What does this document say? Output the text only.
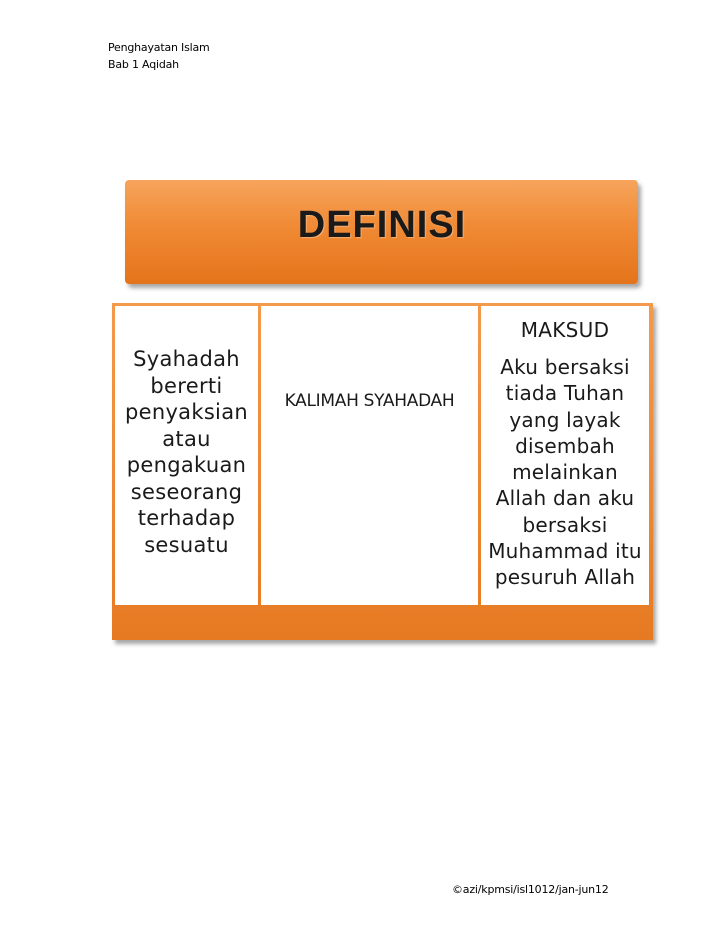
Penghayatan Islam
Bab 1 Aqidah
DEFINISI
Syahadah
bererti
penyaksian
atau
pengakuan
seseorang
terhadap
sesuatu
KALIMAH SYAHADAH
MAKSUD
Aku bersaksi
tiada Tuhan
yang layak
disembah
melainkan
Allah dan aku
bersaksi
Muhammad itu
pesuruh Allah
©azi/kpmsi/isl1012/jan-jun12
